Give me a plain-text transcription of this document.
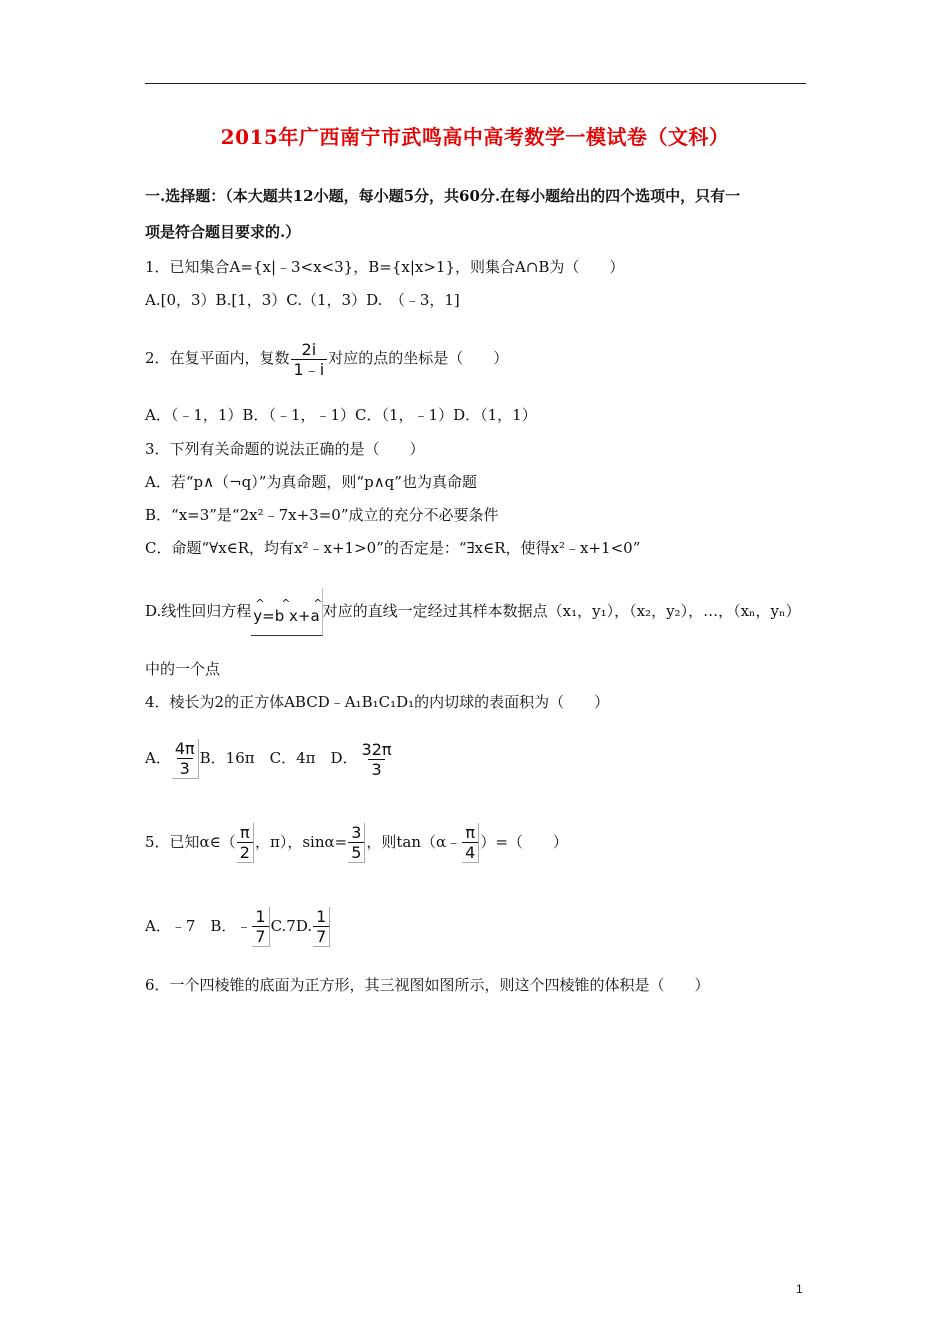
2015年广西南宁市武鸣高中高考数学一模试卷（文科）
一.选择题：（本大题共12小题，每小题5分，共60分.在每小题给出的四个选项中，只有一
项是符合题目要求的.）
1．已知集合A={x|﹣3<x<3}，B={x|x>1}，则集合A∩B为（　　）
A.[0，3）B.[1，3）C.（1，3）D.　（﹣3，1]
2．在复平面内，复数 $\frac{2i}{1﹣i}$ 对应的点的坐标是（　　）
A．（﹣1，1）B．（﹣1，﹣1）C．（1，﹣1）D．（1，1）
3．下列有关命题的说法正确的是（　　）
A．若“p∧（¬q）”为真命题，则“p∧q”也为真命题
B．“x=3”是“2x²﹣7x+3=0”成立的充分不必要条件
C．命题“∀x∈R，均有x²﹣x+1>0”的否定是：“∃x∈R，使得x²﹣x+1<0”
D.线性回归方程 ^ ^ ^
y=b x+a 对应的直线一定经过其样本数据点（x₁，y₁），（x₂，y₂），…，（xₙ，yₙ）
中的一个点
4．棱长为2的正方体ABCD﹣A₁B₁C₁D₁的内切球的表面积为（　　）
A． $\frac{4\pi}{3}$ B．16π　C．4π　D． $\frac{32\pi}{3}$
5．已知α∈（ $\frac{\pi}{2}$ ，π），$\sin\alpha= \frac{3}{5}$ ，则tan（α﹣ $\frac{\pi}{4}$ ）=（　　）
A．﹣7　B．﹣ $\frac{1}{7} C.7D$. $\frac{1}{7}$
6．一个四棱锥的底面为正方形，其三视图如图所示，则这个四棱锥的体积是（　　）
1
